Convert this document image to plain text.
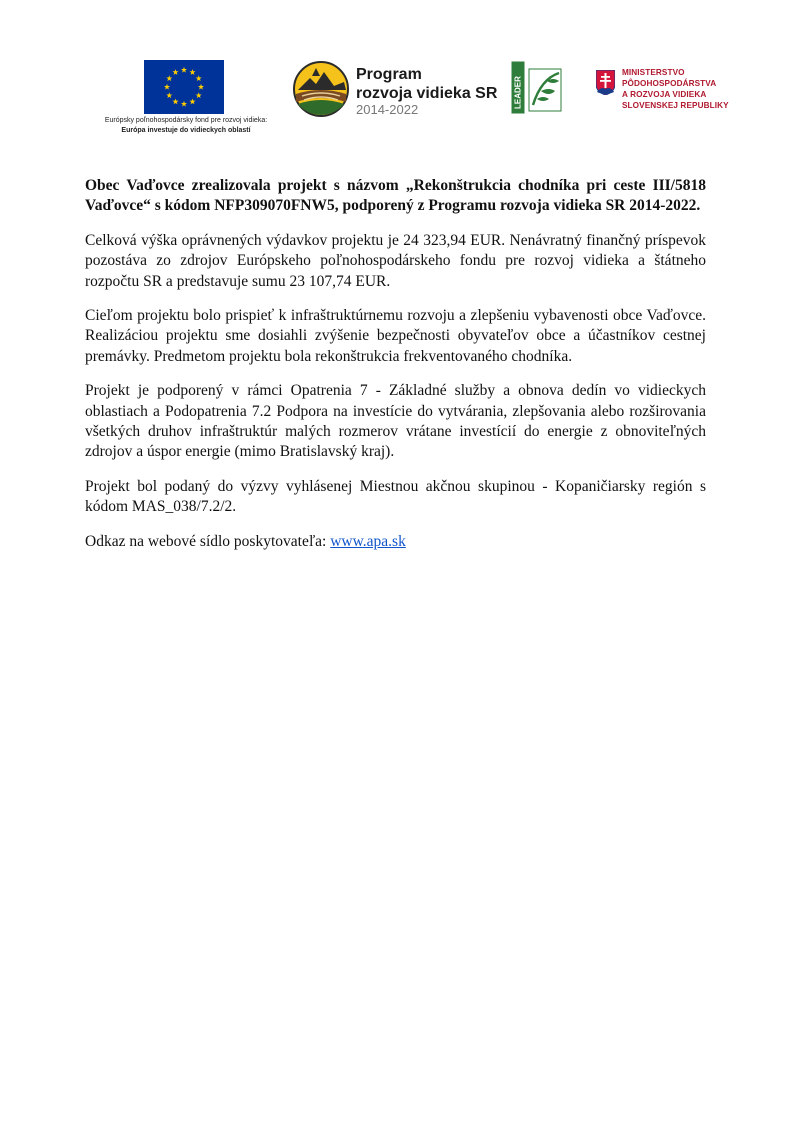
Európsky poľnohospodársky fond pre rozvoj vidieka:
Európa investuje do vidieckych oblastí
Program
rozvoja vidieka SR
2014-2022
LEADER
MINISTERSTVO
PÔDOHOSPODÁRSTVA
A ROZVOJA VIDIEKA
SLOVENSKEJ REPUBLIKY

Obec Vaďovce zrealizovala projekt s názvom „Rekonštrukcia chodníka pri ceste III/5818 Vaďovce“ s kódom NFP309070FNW5, podporený z Programu rozvoja vidieka SR 2014-2022.

Celková výška oprávnených výdavkov projektu je 24 323,94 EUR. Nenávratný finančný príspevok pozostáva zo zdrojov Európskeho poľnohospodárskeho fondu pre rozvoj vidieka a štátneho rozpočtu SR a predstavuje sumu 23 107,74 EUR.

Cieľom projektu bolo prispieť k infraštruktúrnemu rozvoju a zlepšeniu vybavenosti obce Vaďovce. Realizáciou projektu sme dosiahli zvýšenie bezpečnosti obyvateľov obce a účastníkov cestnej premávky. Predmetom projektu bola rekonštrukcia frekventovaného chodníka.

Projekt je podporený v rámci Opatrenia 7 - Základné služby a obnova dedín vo vidieckych oblastiach a Podopatrenia 7.2 Podpora na investície do vytvárania, zlepšovania alebo rozširovania všetkých druhov infraštruktúr malých rozmerov vrátane investícií do energie z obnoviteľných zdrojov a úspor energie (mimo Bratislavský kraj).

Projekt bol podaný do výzvy vyhlásenej Miestnou akčnou skupinou - Kopaničiarsky región s kódom MAS_038/7.2/2.

Odkaz na webové sídlo poskytovateľa: www.apa.sk
